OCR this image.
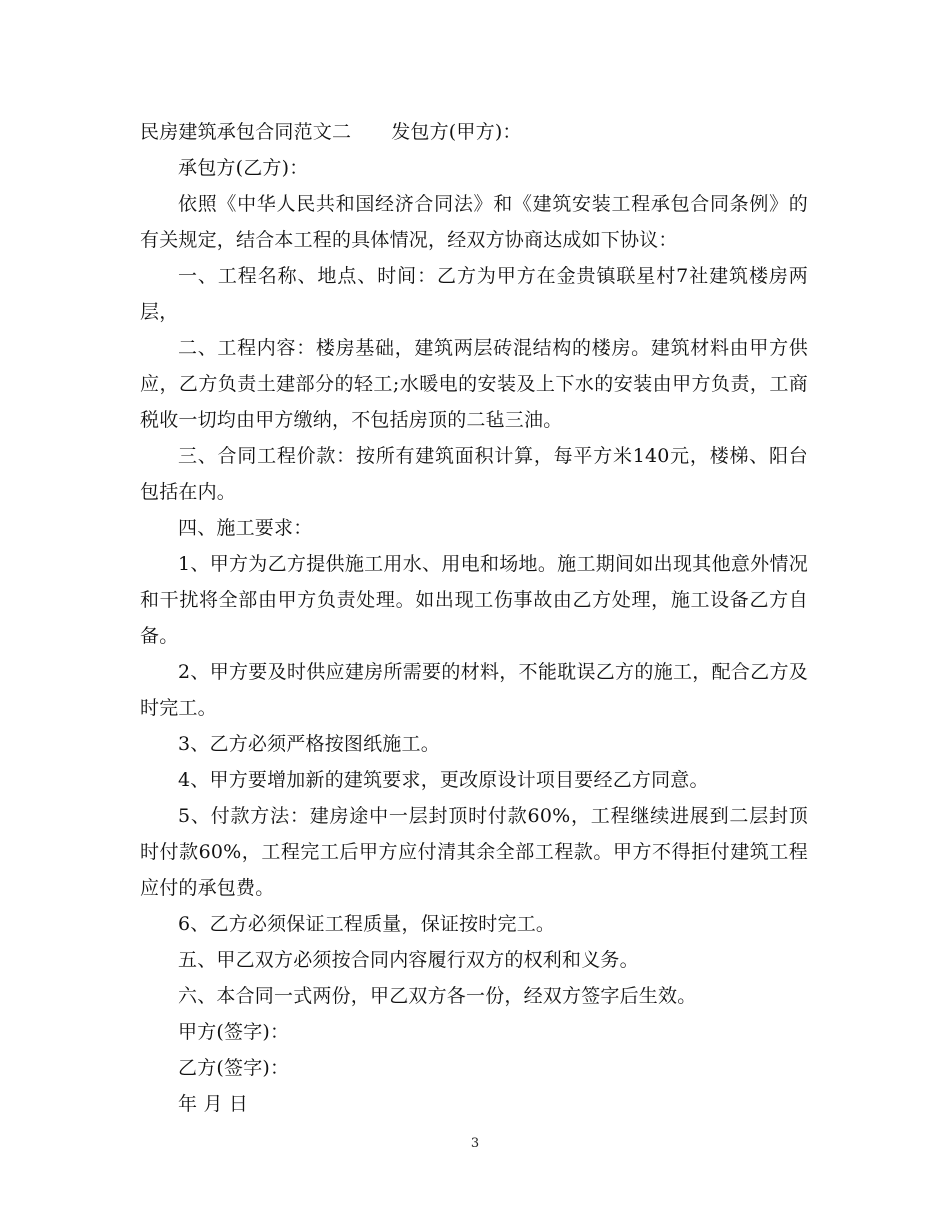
民房建筑承包合同范文二 发包方(甲方)：

承包方(乙方)：

依照《中华人民共和国经济合同法》和《建筑安装工程承包合同条例》的有关规定，结合本工程的具体情况，经双方协商达成如下协议：

一、工程名称、地点、时间：乙方为甲方在金贵镇联星村7社建筑楼房两层，

二、工程内容：楼房基础，建筑两层砖混结构的楼房。建筑材料由甲方供应，乙方负责土建部分的轻工;水暖电的安装及上下水的安装由甲方负责，工商税收一切均由甲方缴纳，不包括房顶的二毡三油。

三、合同工程价款：按所有建筑面积计算，每平方米140元，楼梯、阳台包括在内。

四、施工要求：

1、甲方为乙方提供施工用水、用电和场地。施工期间如出现其他意外情况和干扰将全部由甲方负责处理。如出现工伤事故由乙方处理，施工设备乙方自备。

2、甲方要及时供应建房所需要的材料，不能耽误乙方的施工，配合乙方及时完工。

3、乙方必须严格按图纸施工。

4、甲方要增加新的建筑要求，更改原设计项目要经乙方同意。

5、付款方法：建房途中一层封顶时付款60%，工程继续进展到二层封顶时付款60%，工程完工后甲方应付清其余全部工程款。甲方不得拒付建筑工程应付的承包费。

6、乙方必须保证工程质量，保证按时完工。

五、甲乙双方必须按合同内容履行双方的权利和义务。

六、本合同一式两份，甲乙双方各一份，经双方签字后生效。

甲方(签字)：

乙方(签字)：

年 月 日

3
